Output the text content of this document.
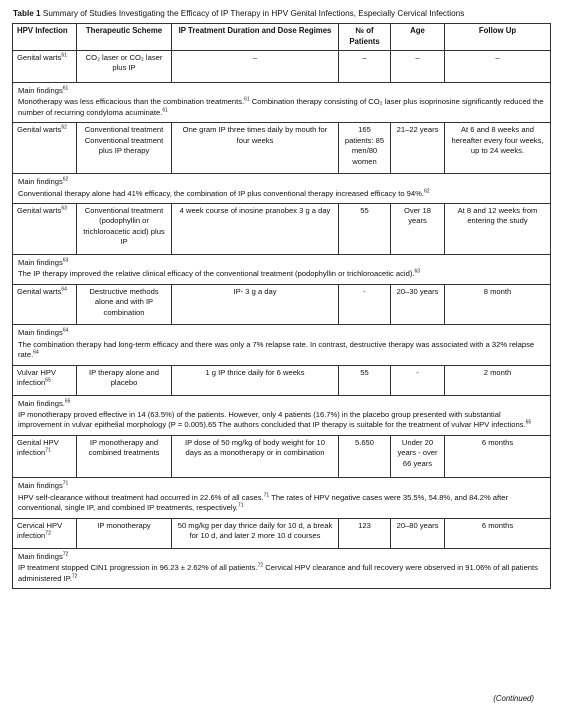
Table 1 Summary of Studies Investigating the Efficacy of IP Therapy in HPV Genital Infections, Especially Cervical Infections
HPV Infection	Therapeutic Scheme	IP Treatment Duration and Dose Regimes	№ of Patients	Age	Follow Up
Genital warts$^{61}$	CO₂ laser or CO₂ laser plus IP	–	–	–	–

Main findings$^{61}$
Monotherapy was less efficacious than the combination treatments.$^{61}$ Combination therapy consisting of CO₂ laser plus isoprinosine significantly reduced the number of recurring condyloma acuminate.$^{61}$

Genital warts$^{62}$	Conventional treatment Conventional treatment plus IP therapy	One gram IP three times daily by mouth for four weeks	165 patients: 85 men/80 women	21–22 years	At 6 and 8 weeks and hereafter every four weeks, up to 24 weeks.

Main findings$^{62}$
Conventional therapy alone had 41% efficacy, the combination of IP plus conventional therapy increased efficacy to 94%.$^{62}$

Genital warts$^{63}$	Conventional treatment (podophyllin or trichloroacetic acid) plus IP	4 week course of inosine pranobex 3 g a day	55	Over 18 years	At 8 and 12 weeks from entering the study

Main findings$^{63}$
The IP therapy improved the relative clinical efficacy of the conventional treatment (podophyllin or trichloroacetic acid).$^{63}$

Genital warts$^{64}$	Destructive methods alone and with IP combination	IP- 3 g a day	-	20–30 years	8 month

Main findings$^{64}$
The combination therapy had long-term efficacy and there was only a 7% relapse rate. In contrast, destructive therapy was associated with a 32% relapse rate.$^{64}$

Vulvar HPV infection$^{65}$	IP therapy alone and placebo	1 g IP thrice daily for 6 weeks	55	-	2 month

Main findings.$^{65}$
IP monotherapy proved effective in 14 (63.5%) of the patients. However, only 4 patients (16.7%) in the placebo group presented with substantial improvement in vulvar epithelial morphology (P = 0.005).65 The authors concluded that IP therapy is suitable for the treatment of vulvar HPV infections.$^{65}$

Genital HPV infection$^{71}$	IP monotherapy and combined treatments	IP dose of 50 mg/kg of body weight for 10 days as a monotherapy or in combination	5.650	Under 20 years - over 66 years	6 months

Main findings$^{71}$
HPV self-clearance without treatment had occurred in 22.6% of all cases.$^{71}$ The rates of HPV negative cases were 35.5%, 54.8%, and 84.2% after conventional, single IP, and combined IP treatments, respectively.$^{71}$

Cervical HPV infection$^{72}$	IP monotherapy	50 mg/kg per day thrice daily for 10 d, a break for 10 d, and later 2 more 10 d courses	123	20–80 years	6 months

Main findings$^{72}$
IP treatment stopped CIN1 progression in 96.23 ± 2.62% of all patients.$^{72}$ Cervical HPV clearance and full recovery were observed in 91.06% of all patients administered IP.$^{72}$
(Continued)
